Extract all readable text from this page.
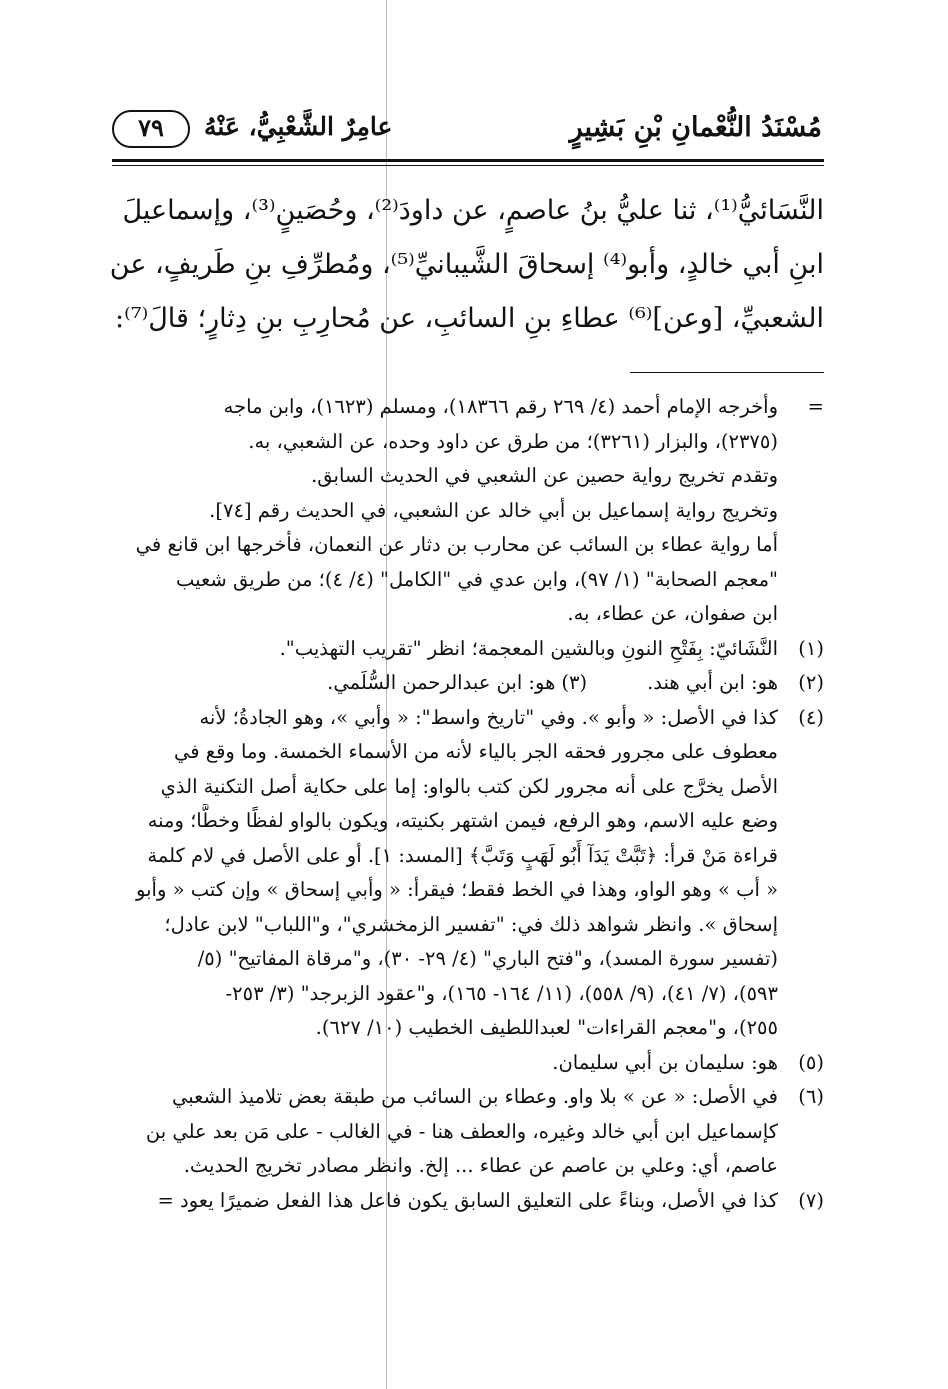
مُسْنَدُ النُّعْمانِ بْنِ بَشِيرٍ
عامِرٌ الشَّعْبِيُّ، عَنْهُ
٧٩
النَّسَائيُّ⁽¹⁾، ثنا عليُّ بنُ عاصمٍ، عن داودَ⁽²⁾، وحُصَينٍ⁽³⁾، وإسماعيلَ
ابنِ أبي خالدٍ، وأبو⁽⁴⁾ إسحاقَ الشَّيبانيِّ⁽⁵⁾، ومُطرِّفِ بنِ طَريفٍ، عن
الشعبيِّ، [وعن]⁽⁶⁾ عطاءِ بنِ السائبِ، عن مُحارِبِ بنِ دِثارٍ؛ قالَ⁽⁷⁾:
=
وأخرجه الإمام أحمد (٤/ ٢٦٩ رقم ١٨٣٦٦)، ومسلم (١٦٢٣)، وابن ماجه
(٢٣٧٥)، والبزار (٣٢٦١)؛ من طرق عن داود وحده، عن الشعبي، به.
وتقدم تخريج رواية حصين عن الشعبي في الحديث السابق.
وتخريج رواية إسماعيل بن أبي خالد عن الشعبي، في الحديث رقم [٧٤].
أما رواية عطاء بن السائب عن محارب بن دثار عن النعمان، فأخرجها ابن قانع في
"معجم الصحابة" (١/ ٩٧)، وابن عدي في "الكامل" (٤/ ٤)؛ من طريق شعيب
ابن صفوان، عن عطاء، به.
(١)
النَّشَائيّ: بِفَتْحِ النونِ وبالشين المعجمة؛ انظر "تقريب التهذيب".
(٢)
هو: ابن أبي هند.
(٣)هو: ابن عبدالرحمن السُّلَمي.
(٤)
كذا في الأصل: « وأبو ». وفي "تاريخ واسط": « وأبي »، وهو الجادةُ؛ لأنه
معطوف على مجرور فحقه الجر بالياء لأنه من الأسماء الخمسة. وما وقع في
الأصل يخرَّج على أنه مجرور لكن كتب بالواو: إما على حكاية أصل التكنية الذي
وضع عليه الاسم، وهو الرفع، فيمن اشتهر بكنيته، ويكون بالواو لفظًا وخطًّا؛ ومنه
قراءة مَنْ قرأ: ﴿تَبَّتْ يَدَآ أَبُو لَهَبٍ وَتَبَّ﴾ [المسد: ١]. أو على الأصل في لام كلمة
« أب » وهو الواو، وهذا في الخط فقط؛ فيقرأ: « وأبي إسحاق » وإن كتب « وأبو
إسحاق ». وانظر شواهد ذلك في: "تفسير الزمخشري"، و"اللباب" لابن عادل؛
(تفسير سورة المسد)، و"فتح الباري" (٤/ ٢٩- ٣٠)، و"مرقاة المفاتيح" (٥/
٥٩٣)، (٧/ ٤١)، (٩/ ٥٥٨)، (١١/ ١٦٤- ١٦٥)، و"عقود الزبرجد" (٣/ ٢٥٣-
٢٥٥)، و"معجم القراءات" لعبداللطيف الخطيب (١٠/ ٦٢٧).
(٥)
هو: سليمان بن أبي سليمان.
(٦)
في الأصل: « عن » بلا واو. وعطاء بن السائب من طبقة بعض تلاميذ الشعبي
كإسماعيل ابن أبي خالد وغيره، والعطف هنا - في الغالب - على مَن بعد علي بن
عاصم، أي: وعلي بن عاصم عن عطاء ... إلخ. وانظر مصادر تخريج الحديث.
(٧)
كذا في الأصل، وبناءً على التعليق السابق يكون فاعل هذا الفعل ضميرًا يعود =
